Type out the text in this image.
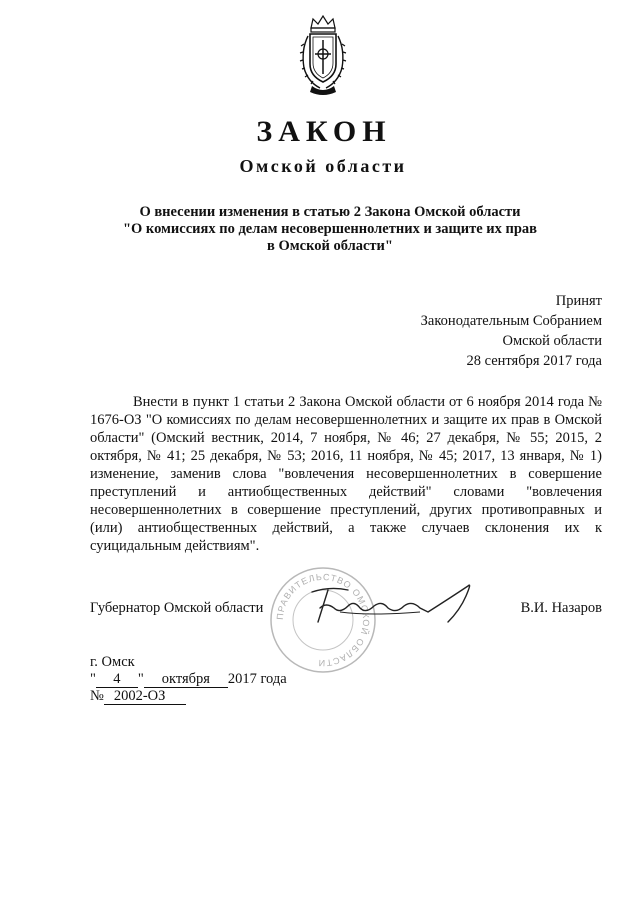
ЗАКОН
Омской области
О внесении изменения в статью 2 Закона Омской области
"О комиссиях по делам несовершеннолетних и защите их прав
в Омской области"
Принят
Законодательным Собранием
Омской области
28 сентября 2017 года
Внести в пункт 1 статьи 2 Закона Омской области от 6 ноября 2014 года № 1676-ОЗ "О комиссиях по делам несовершеннолетних и защите их прав в Омской области" (Омский вестник, 2014, 7 ноября, № 46; 27 декабря, № 55; 2015, 2 октября, № 41; 25 декабря, № 53; 2016, 11 ноября, № 45; 2017, 13 января, № 1) изменение, заменив слова "вовлечения несовершеннолетних в совершение преступлений и антиобщественных действий" словами "вовлечения несовершеннолетних в совершение преступлений, других противоправных и (или) антиобщественных действий, а также случаев склонения их к суицидальным действиям".
ПРАВИТЕЛЬСТВО ОМСКОЙ ОБЛАСТИ
Губернатор Омской области	В.И. Назаров
г. Омск
" 4 " октября 2017 года
№ 2002-ОЗ
